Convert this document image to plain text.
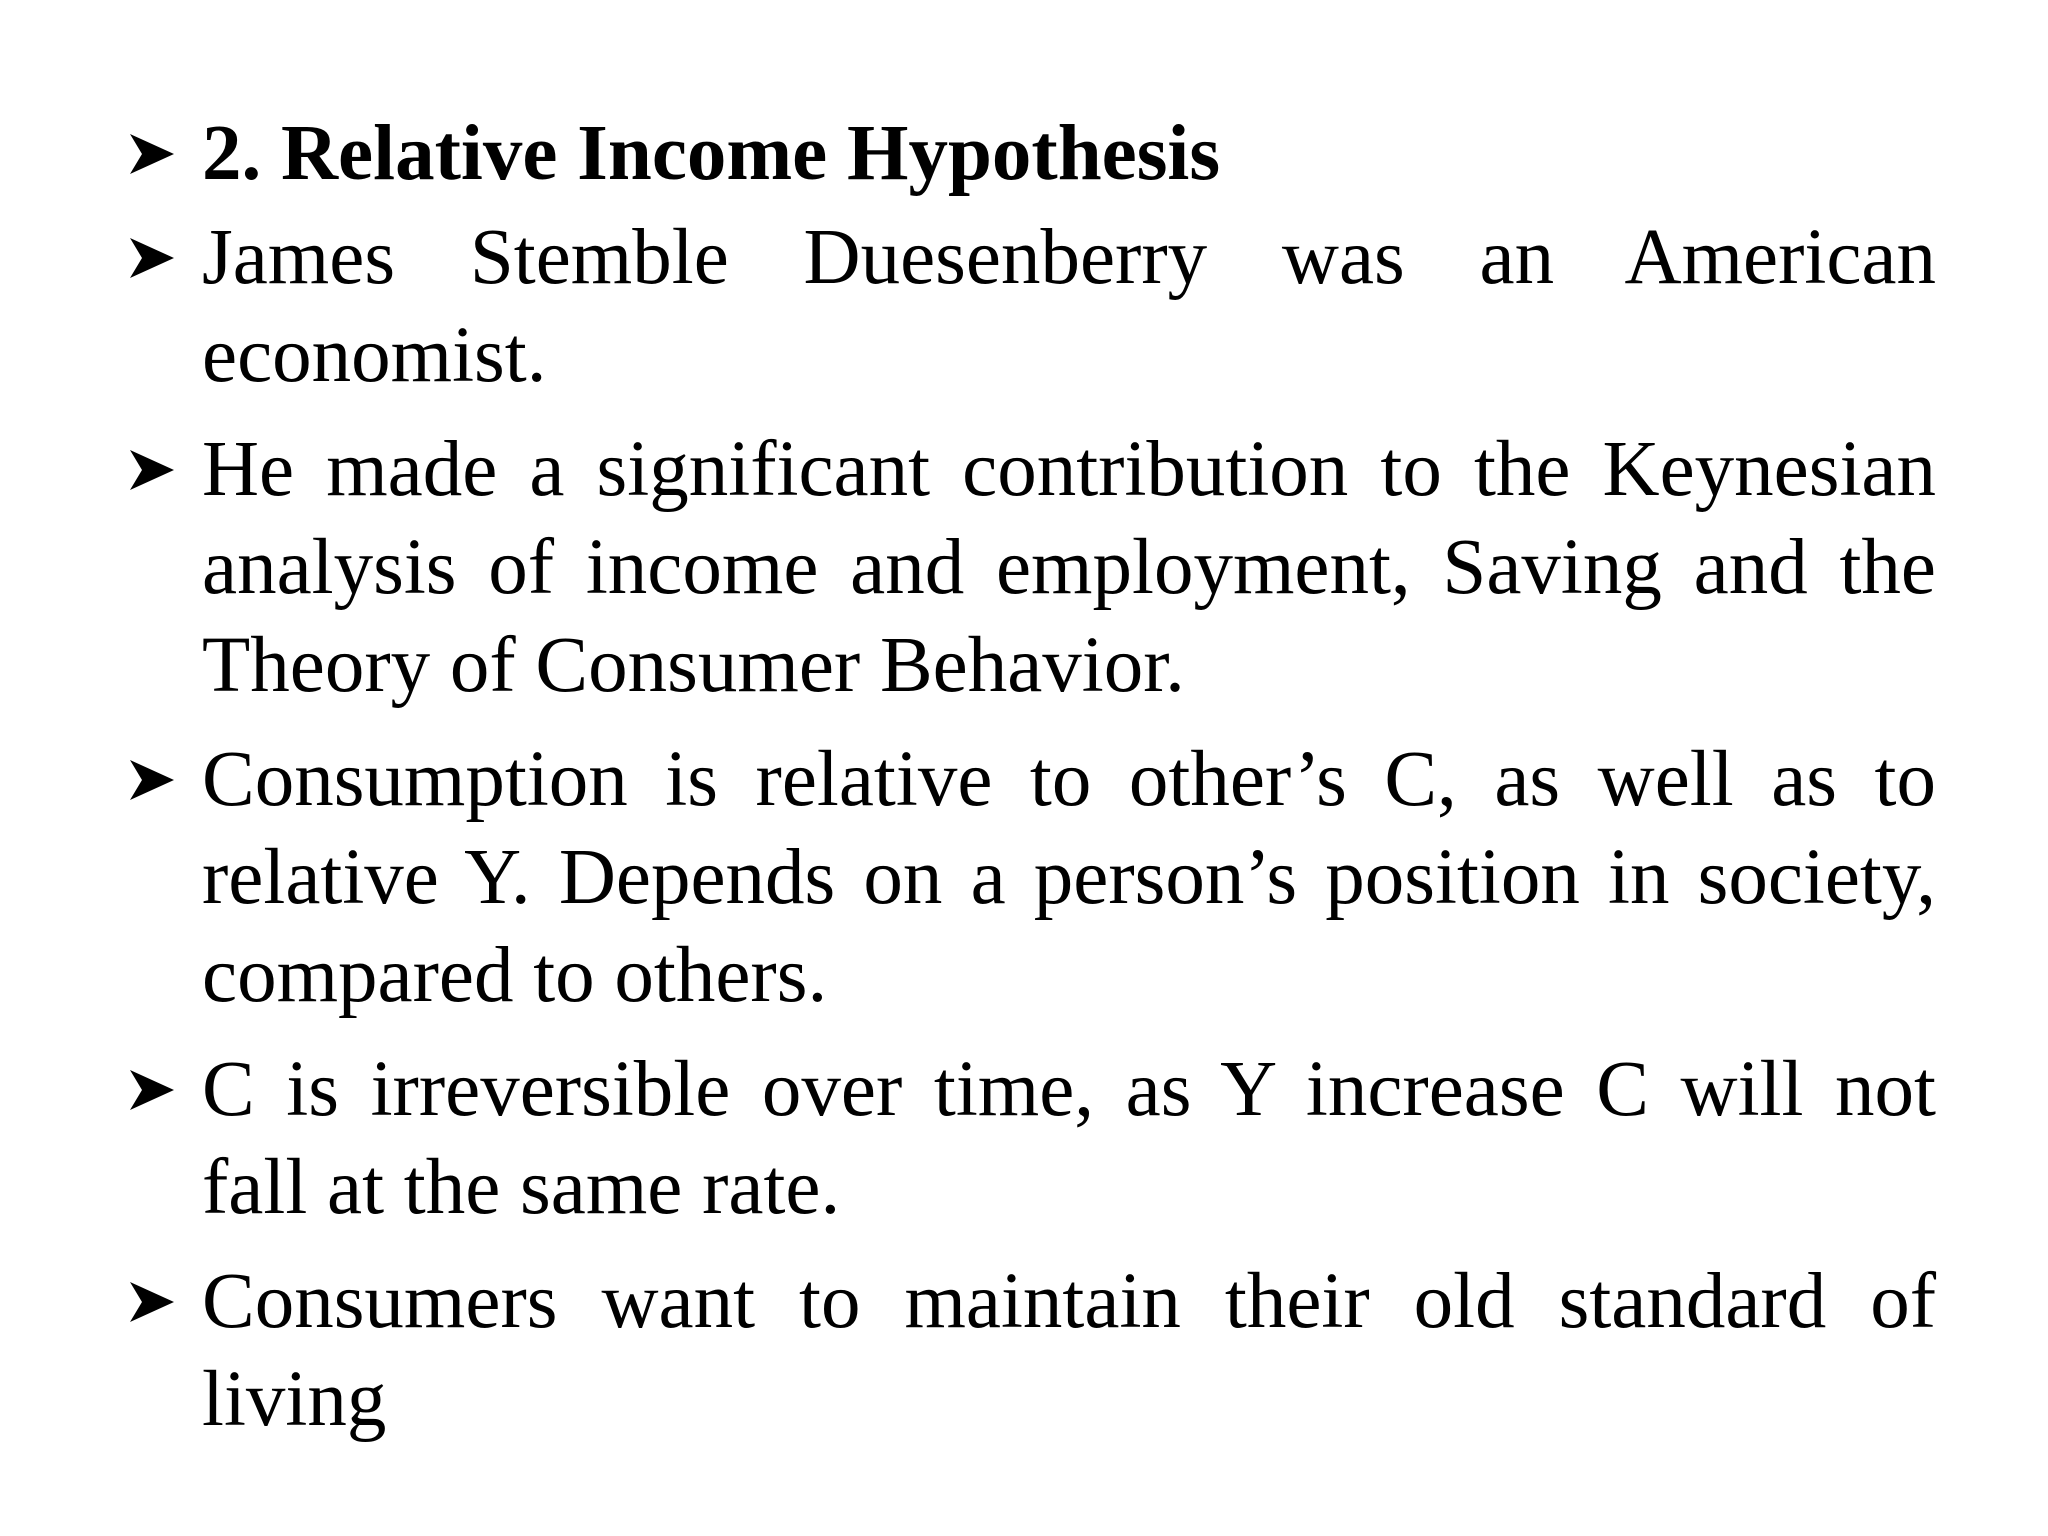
2. Relative Income Hypothesis
James Stemble Duesenberry was an American economist.
He made a significant contribution to the Keynesian analysis of income and employment, Saving and the Theory of Consumer Behavior.
Consumption is relative to other’s C, as well as to relative Y. Depends on a person’s position in society, compared to others.
C is irreversible over time, as Y increase C will not fall at the same rate.
Consumers want to maintain their old standard of living
